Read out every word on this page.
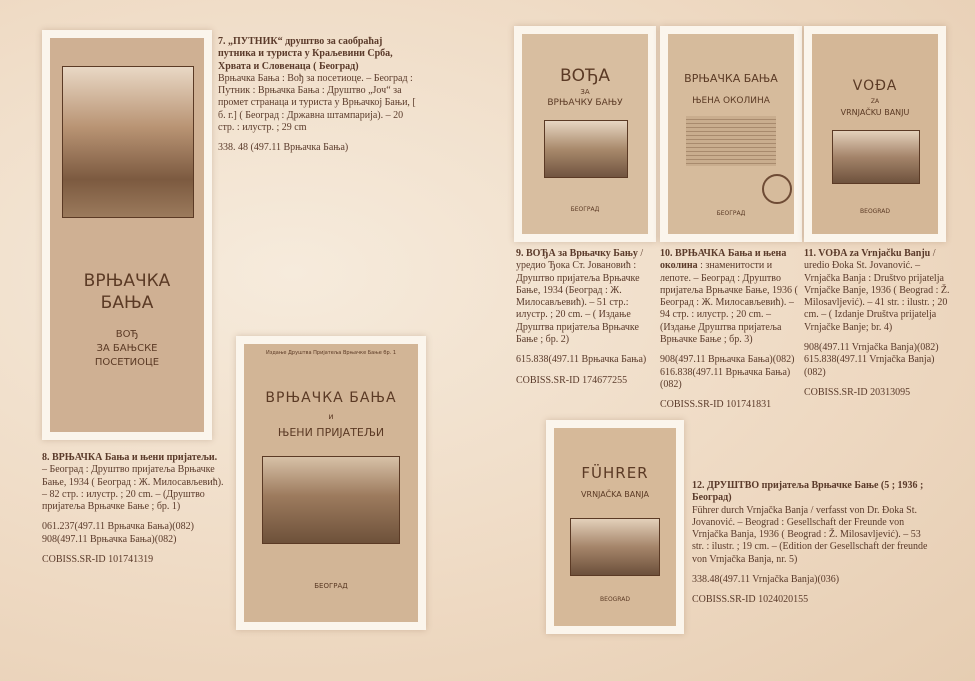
ВРЊАЧКА
БАЊА
ВОЂ
ЗА БАЊСКЕ
ПОСЕТИОЦЕ

7. „ПУТНИК“ друштво за саобраћај путника и туриста у Краљевини Срба, Хрвата и Словенаца ( Београд)
Врњачка Бања : Вођ за посетиоце. – Београд : Путник : Врњачка Бања : Друштво „Јоч“ за промет странаца и туриста у Врњачкој Бањи, [ б. г.] ( Београд : Државна штампарија). – 20 стр. : илустр. ; 29 cm

338. 48 (497.11 Врњачка Бања)

8. ВРЊАЧКА Бања и њени пријатељи.
– Београд : Друштво пријатеља Врњачке Бање, 1934 ( Београд : Ж. Милосављевић). – 82 стр. : илустр. ; 20 cm. – (Друштво пријатеља Врњачке Бање ; бр. 1)

061.237(497.11 Врњачка Бања)(082)
908(497.11 Врњачка Бања)(082)

COBISS.SR-ID 101741319

Издање Друштва Пријатеља Врњачке Бање бр. 1
ВРЊАЧКА БАЊА
и
ЊЕНИ ПРИЈАТЕЉИ
БЕОГРАД
ВОЂА
ЗА
ВРЊАЧКУ БАЊУ
БЕОГРАД
ВРЊАЧКА БАЊА
ЊЕНА ОКОЛИНА
БЕОГРАД
VOĐA
ZA
VRNJAČKU BANJU
BEOGRAD

9. ВОЂА за Врњачку Бању / уредио Ђока Ст. Јовановић : Друштво пријатеља Врњачке Бање, 1934 (Београд : Ж. Милосављевић). – 51 стр.: илустр. ; 20 cm. – ( Издање Друштва пријатеља Врњачке Бање ; бр. 2)

615.838(497.11 Врњачка Бања)

COBISS.SR-ID 174677255

10. ВРЊАЧКА Бања и њена околина : знаменитости и лепоте. – Београд : Друштво пријатеља Врњачке Бање, 1936 ( Београд : Ж. Милосављевић). – 94 стр. : илустр. ; 20 cm. – (Издање Друштва пријатеља Врњачке Бање ; бр. 3)

908(497.11 Врњачка Бања)(082)
616.838(497.11 Врњачка Бања)(082)

COBISS.SR-ID 101741831

11. VOĐA za Vrnjačku Banju / uredio Đoka St. Jovanović. – Vrnjačka Banja : Društvo prijatelja Vrnjačke Banje, 1936 ( Beograd : Ž. Milosavljević). – 41 str. : ilustr. ; 20 cm. – ( Izdanje Društva prijatelja Vrnjačke Banje; br. 4)

908(497.11 Vrnjačka Banja)(082)
615.838(497.11 Vrnjačka Banja)(082)

COBISS.SR-ID 20313095

FÜHRER
VRNJAČKA BANJA
BEOGRAD

12. ДРУШТВО пријатеља Врњачке Бање (5 ; 1936 ; Београд)
Führer durch Vrnjačka Banja / verfasst von Dr. Đoka St. Jovanović. – Beograd : Gesellschaft der Freunde von Vrnjačka Banja, 1936 ( Beograd : Ž. Milosavljević). – 53 str. : ilustr. ; 19 cm. – (Edition der Gesellschaft der freunde von Vrnjačka Banja, nr. 5)

338.48(497.11 Vrnjačka Banja)(036)

COBISS.SR-ID 1024020155
